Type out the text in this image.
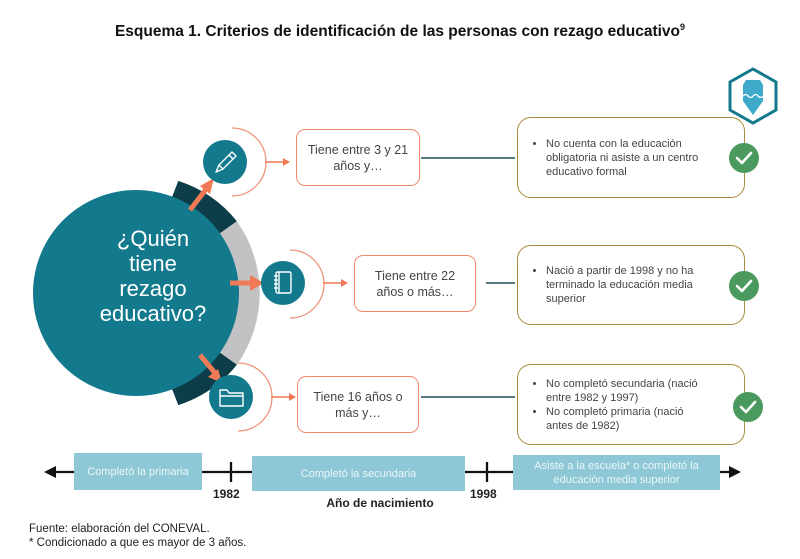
Esquema 1. Criterios de identificación de las personas con rezago educativo$^9$
¿Quién
tiene
rezago
educativo?
Tiene entre 3 y 21
años y…
Tiene entre 22
años o más…
Tiene 16 años o
más y…
• No cuenta con la educación obligatoria ni asiste a un centro educativo formal
• Nació a partir de 1998 y no ha terminado la educación media superior
• No completó secundaria (nació entre 1982 y 1997)
• No completó primaria (nació antes de 1982)
Completó la primaria	Completó la secundaria
Asiste a la escuela* o completó la educación media superior
1982	1998
Año de nacimiento
Fuente: elaboración del CONEVAL.
* Condicionado a que es mayor de 3 años.
